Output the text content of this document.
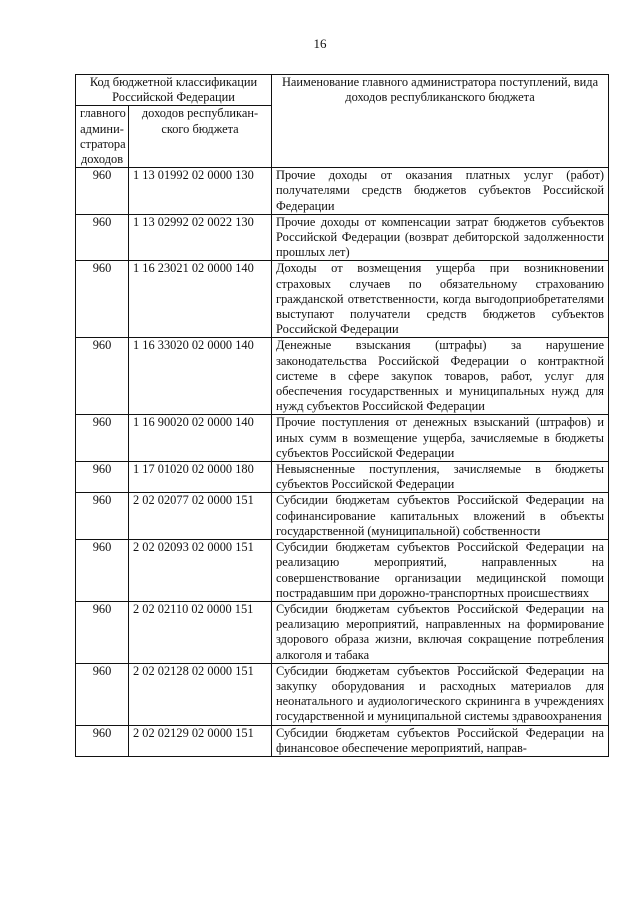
16
Код бюджетной классификации Российской Федерации		Наименование главного администратора поступлений, вида доходов республиканского бюджета
главного админи-стратора доходов	доходов республикан-ского бюджета	
960	1 13 01992 02 0000 130	Прочие доходы от оказания платных услуг (работ) получателями средств бюджетов субъектов Российской Федерации
960	1 13 02992 02 0022 130	Прочие доходы от компенсации затрат бюджетов субъектов Российской Федерации (возврат дебиторской задолженности прошлых лет)
960	1 16 23021 02 0000 140	Доходы от возмещения ущерба при возникновении страховых случаев по обязательному страхованию гражданской ответственности, когда выгодоприобретателями выступают получатели средств бюджетов субъектов Российской Федерации
960	1 16 33020 02 0000 140	Денежные взыскания (штрафы) за нарушение законодательства Российской Федерации о контрактной системе в сфере закупок товаров, работ, услуг для обеспечения государственных и муниципальных нужд для нужд субъектов Российской Федерации
960	1 16 90020 02 0000 140	Прочие поступления от денежных взысканий (штрафов) и иных сумм в возмещение ущерба, зачисляемые в бюджеты субъектов Российской Федерации
960	1 17 01020 02 0000 180	Невыясненные поступления, зачисляемые в бюджеты субъектов Российской Федерации
960	2 02 02077 02 0000 151	Субсидии бюджетам субъектов Российской Федерации на софинансирование капитальных вложений в объекты государственной (муниципальной) собственности
960	2 02 02093 02 0000 151	Субсидии бюджетам субъектов Российской Федерации на реализацию мероприятий, направленных на совершенствование организации медицинской помощи пострадавшим при дорожно-транспортных происшествиях
960	2 02 02110 02 0000 151	Субсидии бюджетам субъектов Российской Федерации на реализацию мероприятий, направленных на формирование здорового образа жизни, включая сокращение потребления алкоголя и табака
960	2 02 02128 02 0000 151	Субсидии бюджетам субъектов Российской Федерации на закупку оборудования и расходных материалов для неонатального и аудиологического скрининга в учреждениях государственной и муниципальной системы здравоохранения
960	2 02 02129 02 0000 151	Субсидии бюджетам субъектов Российской Федерации на финансовое обеспечение мероприятий, направ-
